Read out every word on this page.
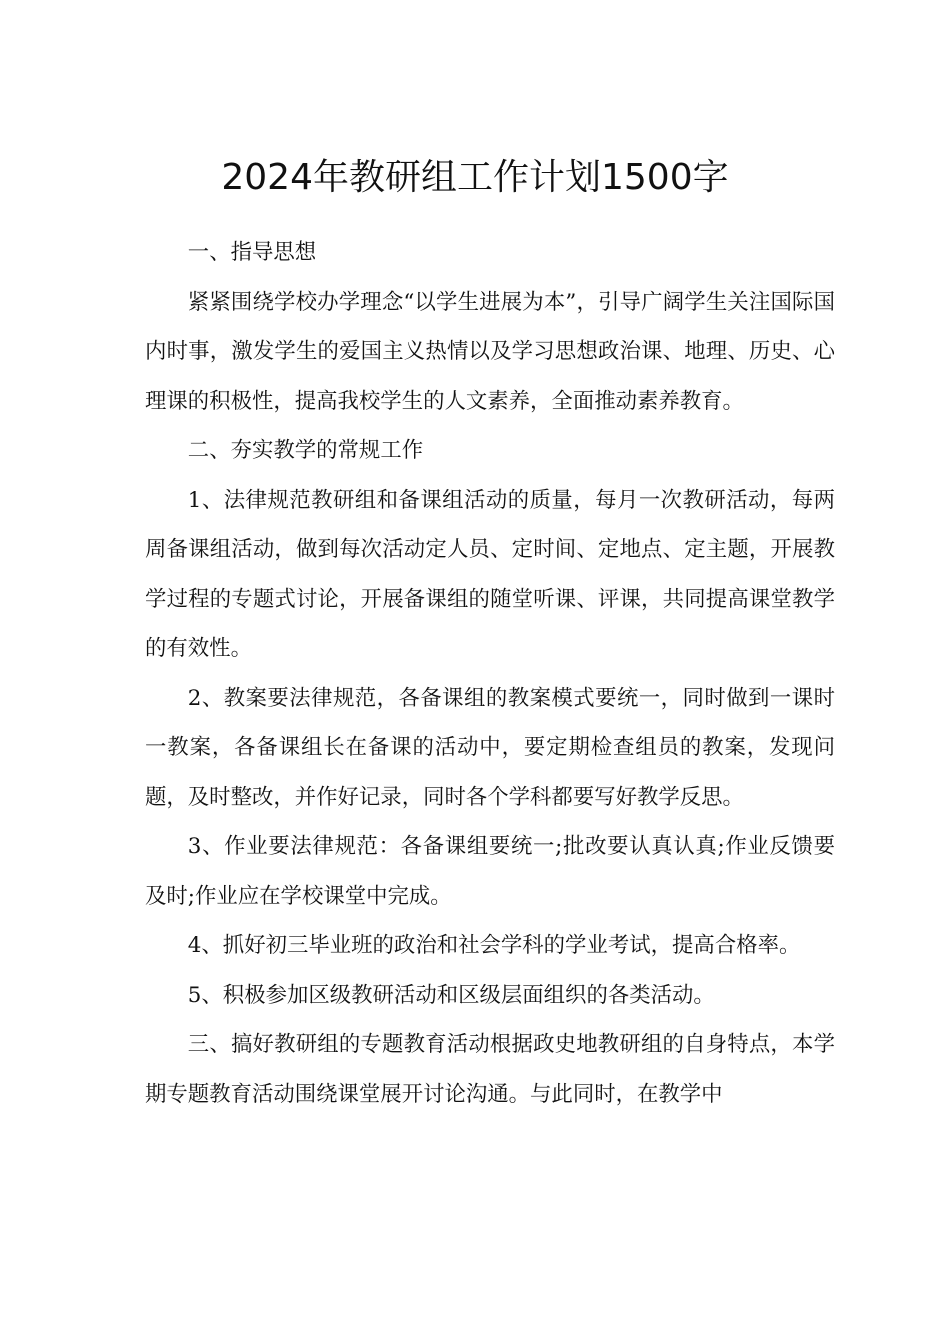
2024年教研组工作计划1500字

一、指导思想

紧紧围绕学校办学理念“以学生进展为本”，引导广阔学生关注国际国内时事，激发学生的爱国主义热情以及学习思想政治课、地理、历史、心理课的积极性，提高我校学生的人文素养，全面推动素养教育。

二、夯实教学的常规工作

1、法律规范教研组和备课组活动的质量，每月一次教研活动，每两周备课组活动，做到每次活动定人员、定时间、定地点、定主题，开展教学过程的专题式讨论，开展备课组的随堂听课、评课，共同提高课堂教学的有效性。

2、教案要法律规范，各备课组的教案模式要统一，同时做到一课时一教案，各备课组长在备课的活动中，要定期检查组员的教案，发现问题，及时整改，并作好记录，同时各个学科都要写好教学反思。

3、作业要法律规范：各备课组要统一;批改要认真认真;作业反馈要及时;作业应在学校课堂中完成。

4、抓好初三毕业班的政治和社会学科的学业考试，提高合格率。

5、积极参加区级教研活动和区级层面组织的各类活动。

三、搞好教研组的专题教育活动根据政史地教研组的自身特点，本学期专题教育活动围绕课堂展开讨论沟通。与此同时，在教学中
